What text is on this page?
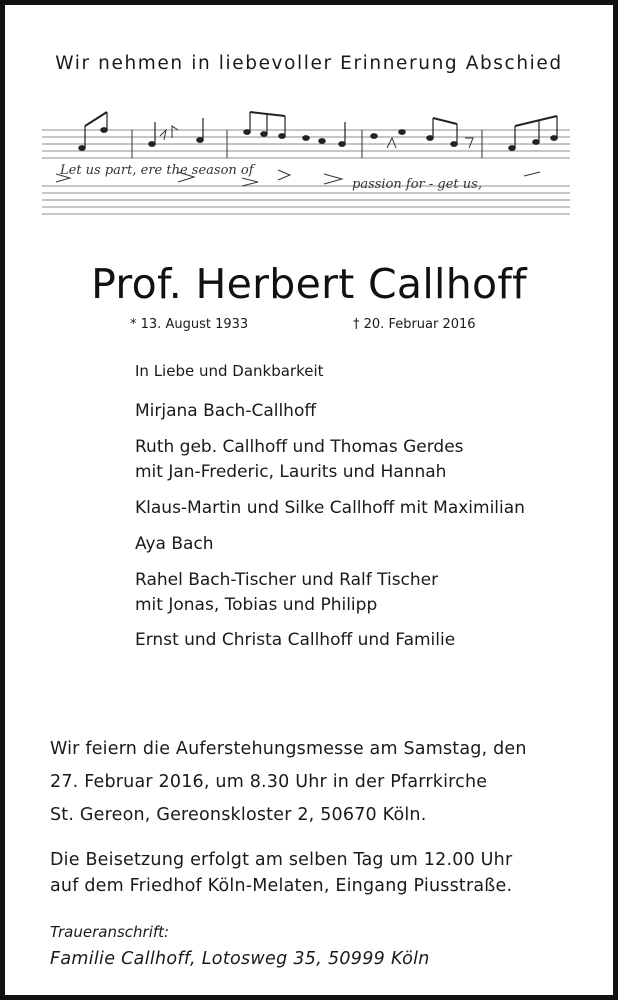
Wir nehmen in liebevoller Erinnerung Abschied
Let us part, ere the season of
passion for - get us,
Prof. Herbert Callhoff
* 13. August 1933	† 20. Februar 2016
In Liebe und Dankbarkeit
Mirjana Bach-Callhoff
Ruth geb. Callhoff und Thomas Gerdes
mit Jan-Frederic, Laurits und Hannah
Klaus-Martin und Silke Callhoff mit Maximilian
Aya Bach
Rahel Bach-Tischer und Ralf Tischer
mit Jonas, Tobias und Philipp
Ernst und Christa Callhoff und Familie
Wir feiern die Auferstehungsmesse am Samstag, den
27. Februar 2016, um 8.30 Uhr in der Pfarrkirche
St. Gereon, Gereonskloster 2, 50670 Köln.
Die Beisetzung erfolgt am selben Tag um 12.00 Uhr
auf dem Friedhof Köln-Melaten, Eingang Piusstraße.
Traueranschrift:
Familie Callhoff, Lotosweg 35, 50999 Köln
